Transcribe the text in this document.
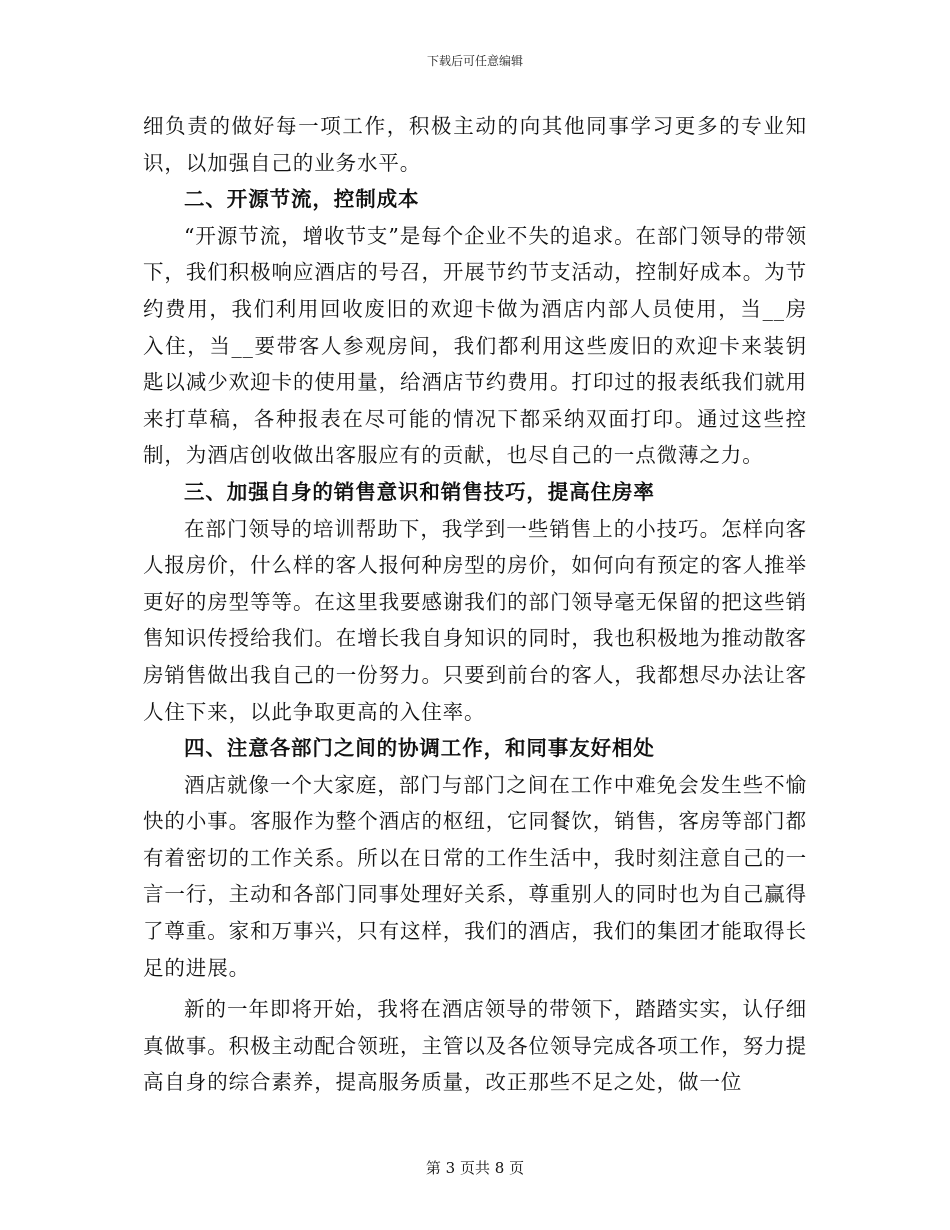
下载后可任意编辑

细负责的做好每一项工作，积极主动的向其他同事学习更多的专业知识，以加强自己的业务水平。

二、开源节流，控制成本

“开源节流，增收节支”是每个企业不失的追求。在部门领导的带领下，我们积极响应酒店的号召，开展节约节支活动，控制好成本。为节约费用，我们利用回收废旧的欢迎卡做为酒店内部人员使用，当__房入住，当__要带客人参观房间，我们都利用这些废旧的欢迎卡来装钥匙以减少欢迎卡的使用量，给酒店节约费用。打印过的报表纸我们就用来打草稿，各种报表在尽可能的情况下都采纳双面打印。通过这些控制，为酒店创收做出客服应有的贡献，也尽自己的一点微薄之力。

三、加强自身的销售意识和销售技巧，提高住房率

在部门领导的培训帮助下，我学到一些销售上的小技巧。怎样向客人报房价，什么样的客人报何种房型的房价，如何向有预定的客人推举更好的房型等等。在这里我要感谢我们的部门领导毫无保留的把这些销售知识传授给我们。在增长我自身知识的同时，我也积极地为推动散客房销售做出我自己的一份努力。只要到前台的客人，我都想尽办法让客人住下来，以此争取更高的入住率。

四、注意各部门之间的协调工作，和同事友好相处

酒店就像一个大家庭，部门与部门之间在工作中难免会发生些不愉快的小事。客服作为整个酒店的枢纽，它同餐饮，销售，客房等部门都有着密切的工作关系。所以在日常的工作生活中，我时刻注意自己的一言一行，主动和各部门同事处理好关系，尊重别人的同时也为自己赢得了尊重。家和万事兴，只有这样，我们的酒店，我们的集团才能取得长足的进展。

新的一年即将开始，我将在酒店领导的带领下，踏踏实实，认仔细真做事。积极主动配合领班，主管以及各位领导完成各项工作，努力提高自身的综合素养，提高服务质量，改正那些不足之处，做一位

第 3 页共 8 页
